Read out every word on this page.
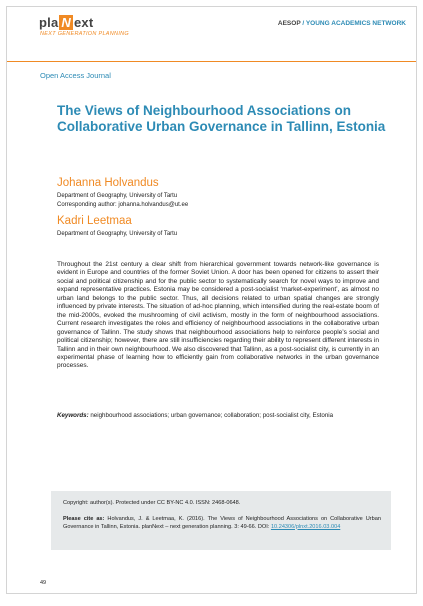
pla N ext
NEXT GENERATION PLANNING
AESOP / YOUNG ACADEMICS NETWORK
Open Access Journal
The Views of Neighbourhood Associations on Collaborative Urban Governance in Tallinn, Estonia
Johanna Holvandus
Department of Geography, University of Tartu
Corresponding author: johanna.holvandus@ut.ee
Kadri Leetmaa
Department of Geography, University of Tartu
Throughout the 21st century a clear shift from hierarchical government towards network-like governance is evident in Europe and countries of the former Soviet Union. A door has been opened for citizens to assert their social and political citizenship and for the public sector to systematically search for novel ways to improve and expand representative practices. Estonia may be considered a post-socialist ‘market-experiment’, as almost no urban land belongs to the public sector. Thus, all decisions related to urban spatial changes are strongly influenced by private interests. The situation of ad-hoc planning, which intensified during the real-estate boom of the mid-2000s, evoked the mushrooming of civil activism, mostly in the form of neighbourhood associations. Current research investigates the roles and efficiency of neighbourhood associations in the collaborative urban governance of Tallinn. The study shows that neighbourhood associations help to reinforce people’s social and political citizenship; however, there are still insufficiencies regarding their ability to represent different interests in Tallinn and in their own neighbourhood. We also discovered that Tallinn, as a post-socialist city, is currently in an experimental phase of learning how to efficiently gain from collaborative networks in the urban governance processes.
Keywords: neighbourhood associations; urban governance; collaboration; post-socialist city, Estonia
Copyright: author(s). Protected under CC BY-NC 4.0. ISSN: 2468-0648.
Please cite as: Holvandus, J. & Leetmaa, K. (2016). The Views of Neighbourhood Associations on Collaborative Urban Governance in Tallinn, Estonia. planNext – next generation planning. 3: 49-66. DOI: 10.24306/plnxt.2016.03.004
49
